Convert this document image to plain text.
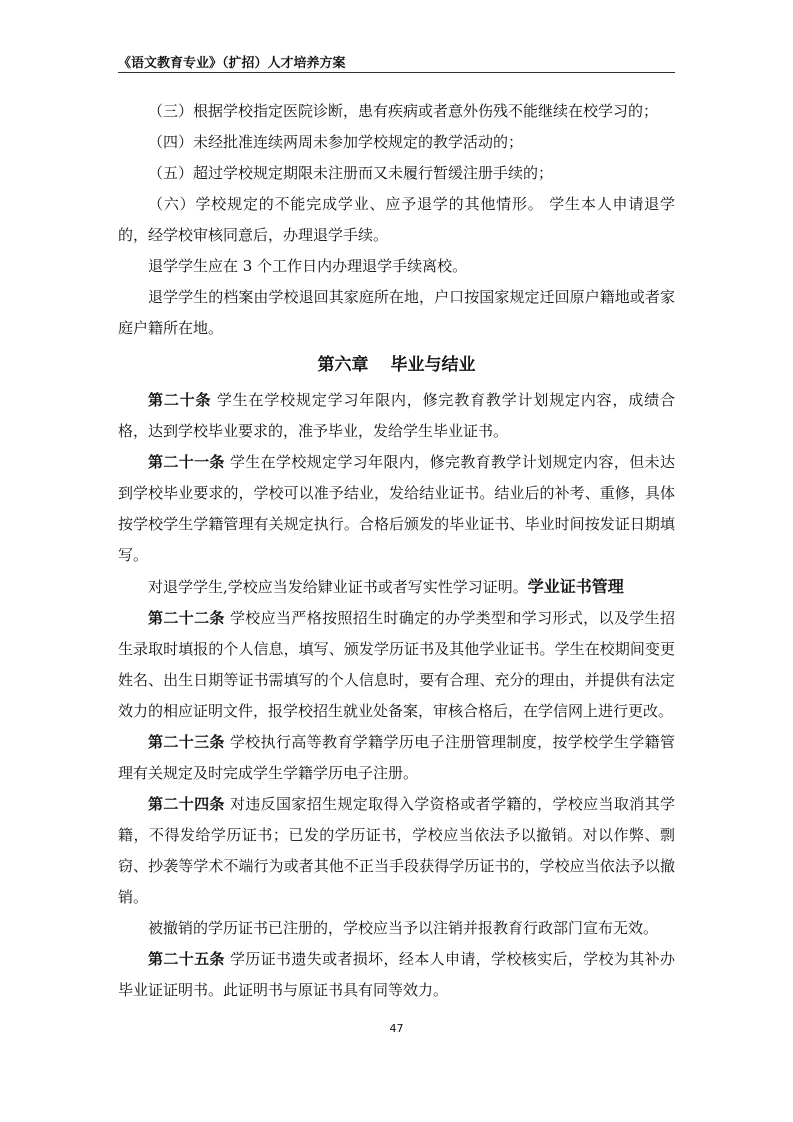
《语文教育专业》（扩招）人才培养方案

（三）根据学校指定医院诊断，患有疾病或者意外伤残不能继续在校学习的；

（四）未经批准连续两周未参加学校规定的教学活动的；

（五）超过学校规定期限未注册而又未履行暂缓注册手续的；

（六）学校规定的不能完成学业、应予退学的其他情形。 学生本人申请退学的，经学校审核同意后，办理退学手续。

退学学生应在 3 个工作日内办理退学手续离校。

退学学生的档案由学校退回其家庭所在地，户口按国家规定迁回原户籍地或者家庭户籍所在地。

第六章 毕业与结业

第二十条 学生在学校规定学习年限内，修完教育教学计划规定内容，成绩合格，达到学校毕业要求的，准予毕业，发给学生毕业证书。

第二十一条 学生在学校规定学习年限内，修完教育教学计划规定内容，但未达到学校毕业要求的，学校可以准予结业，发给结业证书。结业后的补考、重修，具体按学校学生学籍管理有关规定执行。合格后颁发的毕业证书、毕业时间按发证日期填写。

对退学学生,学校应当发给肄业证书或者写实性学习证明。学业证书管理

第二十二条 学校应当严格按照招生时确定的办学类型和学习形式，以及学生招生录取时填报的个人信息，填写、颁发学历证书及其他学业证书。学生在校期间变更姓名、出生日期等证书需填写的个人信息时，要有合理、充分的理由，并提供有法定效力的相应证明文件，报学校招生就业处备案，审核合格后，在学信网上进行更改。

第二十三条 学校执行高等教育学籍学历电子注册管理制度，按学校学生学籍管理有关规定及时完成学生学籍学历电子注册。

第二十四条 对违反国家招生规定取得入学资格或者学籍的，学校应当取消其学籍，不得发给学历证书；已发的学历证书，学校应当依法予以撤销。对以作弊、剽窃、抄袭等学术不端行为或者其他不正当手段获得学历证书的，学校应当依法予以撤销。

被撤销的学历证书已注册的，学校应当予以注销并报教育行政部门宣布无效。

第二十五条 学历证书遗失或者损坏，经本人申请，学校核实后，学校为其补办毕业证证明书。此证明书与原证书具有同等效力。

47
